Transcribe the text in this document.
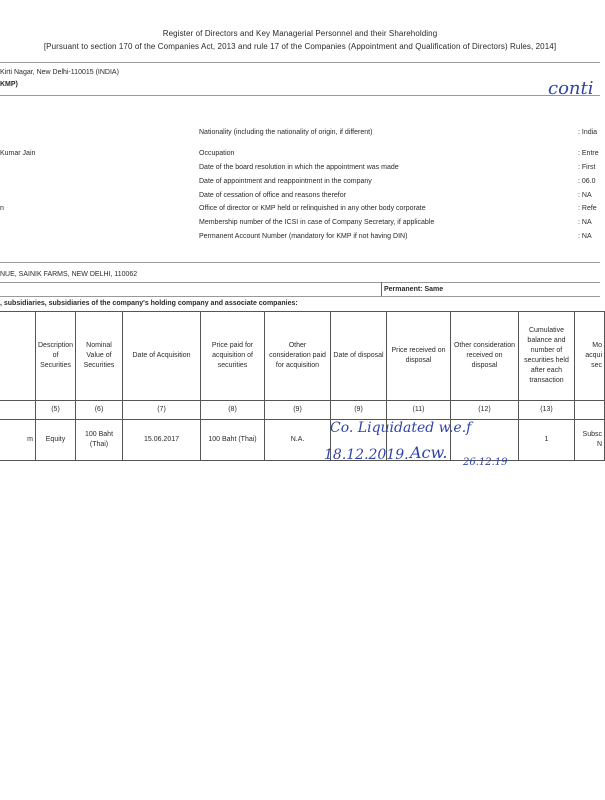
Register of Directors and Key Managerial Personnel and their Shareholding
[Pursuant to section 170 of the Companies Act, 2013 and rule 17 of the Companies (Appointment and Qualification of Directors) Rules, 2014]
Kirti Nagar, New Delhi-110015 (INDIA)
KMP)	conti
Kumar Jain
n
Nationality (including the nationality of origin, if different)	: India
Occupation	: Entre
Date of the board resolution in which the appointment was made	: First
Date of appointment and reappointment in the company	: 06.0
Date of cessation of office and reasons therefor	: NA
Office of director or KMP held or relinquished in any other body corporate	: Refe
Membership number of the ICSI in case of Company Secretary, if applicable	: NA
Permanent Account Number (mandatory for KMP if not having DIN)	: NA
NUE, SAINIK FARMS, NEW DELHI, 110062
Permanent: Same
, subsidiaries, subsidiaries of the company's holding company and associate companies:
	Description of Securities	Nominal Value of Securities	Date of Acquisition	Price paid for acquisition of securities	Other consideration paid for acquisition	Date of disposal	Price received on disposal	Other consideration received on disposal	Cumulative balance and number of securities held after each transaction	Mo acqui sec
	(5)	(6)	(7)	(8)	(9)	(9)	(11)	(12)	(13)	
m	Equity	100 Baht (Thai)	15.06.2017	100 Baht (Thai)	N.A.				1	Subsc N
Co. Liquidated w.e.f
18.12.2019. Acw.
26.12.19
